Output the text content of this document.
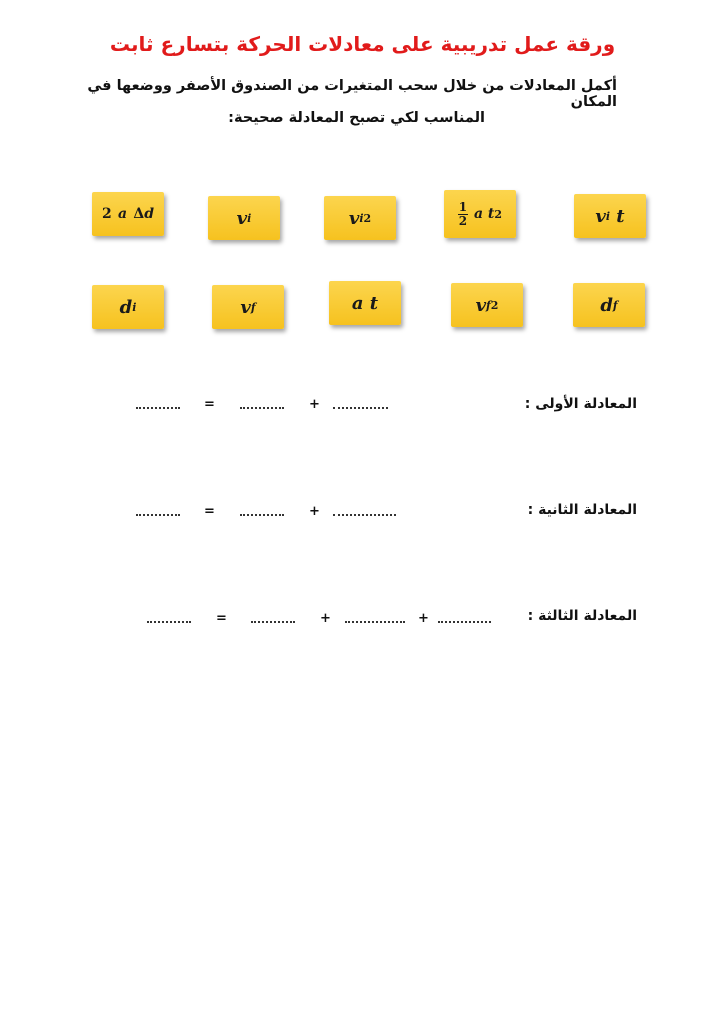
ورقة عمل تدريبية على معادلات الحركة بتسارع ثابت
أكمل المعادلات من خلال سحب المتغيرات من الصندوق الأصفر ووضعها في المكان
المناسب لكي تصبح المعادلة صحيحة:
2
a
Δ d	v i	v i 2	$\frac{1}{2}$ a t 2	v i
t
d i	v f	a t	v f 2	d f
المعادلة الأولى :
+
=
المعادلة الثانية :
+
=
المعادلة الثالثة :
+
+
=
